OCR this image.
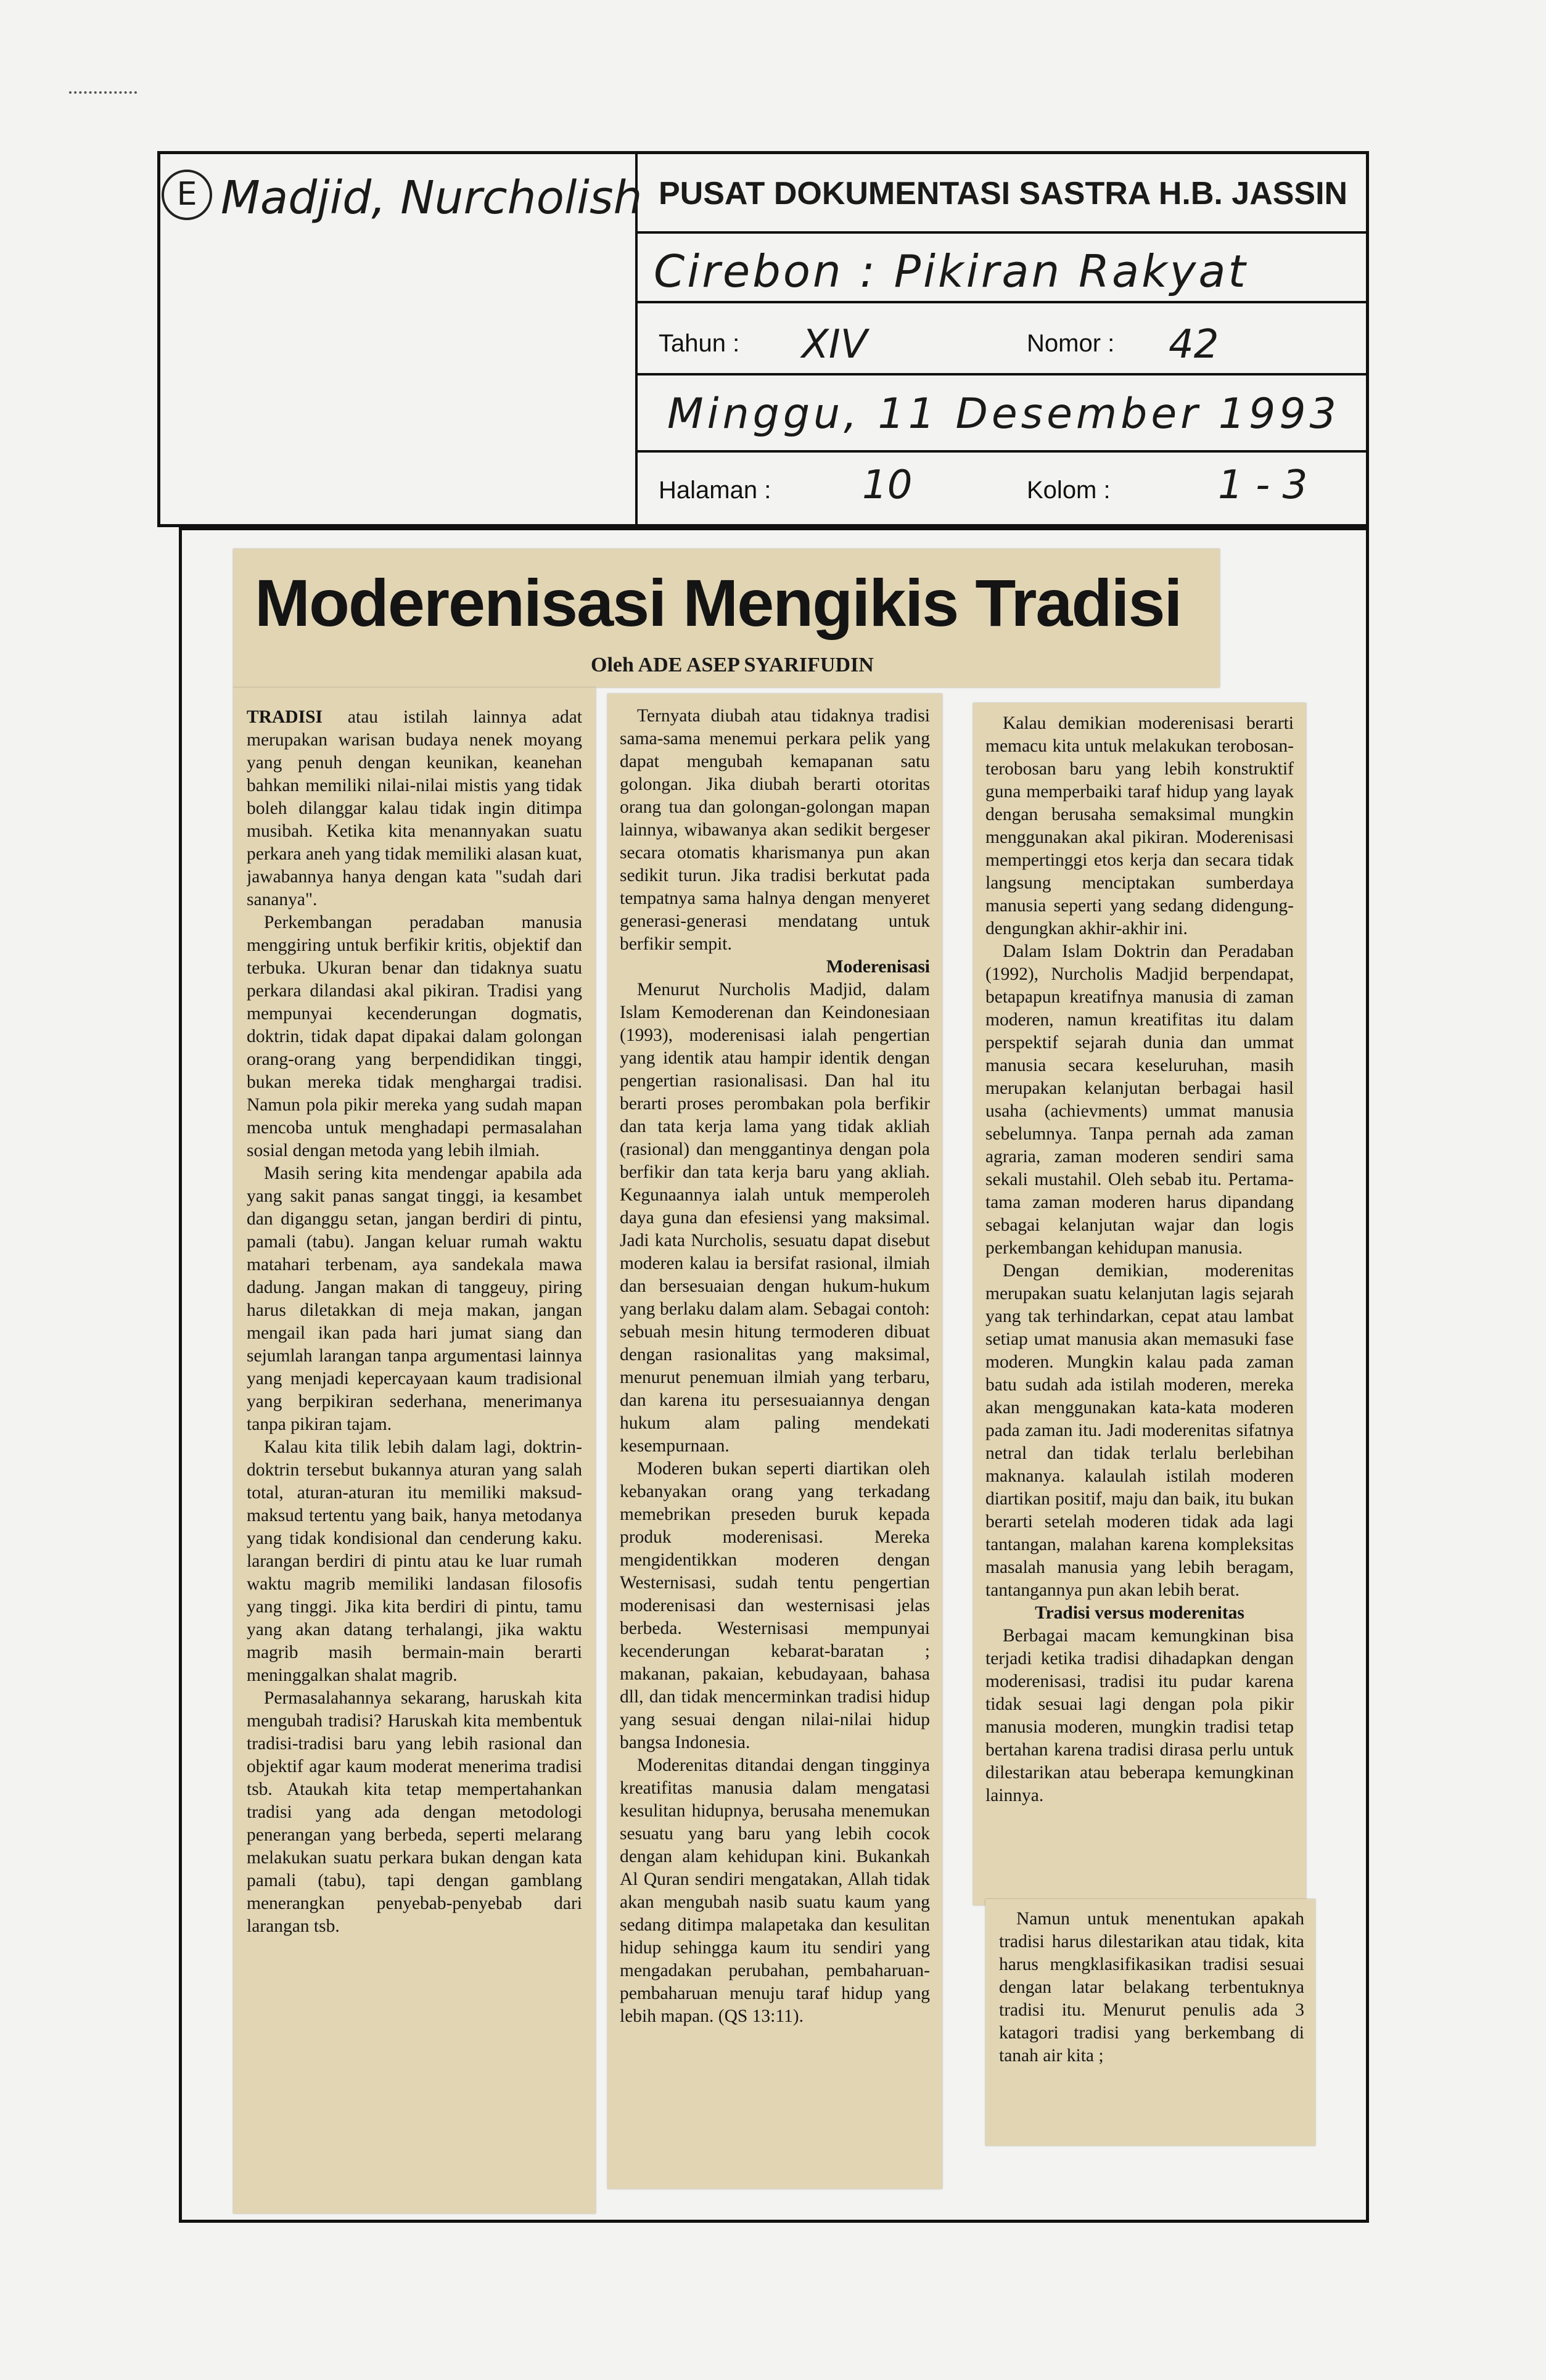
E Madjid, Nurcholish PUSAT DOKUMENTASI SASTRA H.B. JASSIN
Cirebon : Pikiran Rakyat
Tahun : XIV	Nomor : 42
Minggu, 11 Desember 1993
Halaman : 10	Kolom :	1 - 3
Moderenisasi Mengikis Tradisi
Oleh ADE ASEP SYARIFUDIN

TRADISI atau istilah lainnya adat merupakan warisan budaya nenek moyang yang penuh dengan keunikan, keanehan bahkan memiliki nilai-nilai mistis yang tidak boleh dilanggar kalau tidak ingin ditimpa musibah. Ketika kita menannyakan suatu perkara aneh yang tidak memiliki alasan kuat, jawabannya hanya dengan kata "sudah dari sananya".

Perkembangan peradaban manusia menggiring untuk berfikir kritis, objektif dan terbuka. Ukuran benar dan tidaknya suatu perkara dilandasi akal pikiran. Tradisi yang mempunyai kecenderungan dogmatis, doktrin, tidak dapat dipakai dalam golongan orang-orang yang berpendidikan tinggi, bukan mereka tidak menghargai tradisi. Namun pola pikir mereka yang sudah mapan mencoba untuk menghadapi permasalahan sosial dengan metoda yang lebih ilmiah.

Masih sering kita mendengar apabila ada yang sakit panas sangat tinggi, ia kesambet dan diganggu setan, jangan berdiri di pintu, pamali (tabu). Jangan keluar rumah waktu matahari terbenam, aya sandekala mawa dadung. Jangan makan di tanggeuy, piring harus diletakkan di meja makan, jangan mengail ikan pada hari jumat siang dan sejumlah larangan tanpa argumentasi lainnya yang menjadi kepercayaan kaum tradisional yang berpikiran sederhana, menerimanya tanpa pikiran tajam.

Kalau kita tilik lebih dalam lagi, doktrin-doktrin tersebut bukannya aturan yang salah total, aturan-aturan itu memiliki maksud-maksud tertentu yang baik, hanya metodanya yang tidak kondisional dan cenderung kaku. larangan berdiri di pintu atau ke luar rumah waktu magrib memiliki landasan filosofis yang tinggi. Jika kita berdiri di pintu, tamu yang akan datang terhalangi, jika waktu magrib masih bermain-main berarti meninggalkan shalat magrib.

Permasalahannya sekarang, haruskah kita mengubah tradisi? Haruskah kita membentuk tradisi-tradisi baru yang lebih rasional dan objektif agar kaum moderat menerima tradisi tsb. Ataukah kita tetap mempertahankan tradisi yang ada dengan metodologi penerangan yang berbeda, seperti melarang melakukan suatu perkara bukan dengan kata pamali (tabu), tapi dengan gamblang menerangkan penyebab-penyebab dari larangan tsb.

Ternyata diubah atau tidaknya tradisi sama-sama menemui perkara pelik yang dapat mengubah kemapanan satu golongan. Jika diubah berarti otoritas orang tua dan golongan-golongan mapan lainnya, wibawanya akan sedikit bergeser secara otomatis kharismanya pun akan sedikit turun. Jika tradisi berkutat pada tempatnya sama halnya dengan menyeret generasi-generasi mendatang untuk berfikir sempit.

Moderenisasi

Menurut Nurcholis Madjid, dalam Islam Kemoderenan dan Keindonesiaan (1993), moderenisasi ialah pengertian yang identik atau hampir identik dengan pengertian rasionalisasi. Dan hal itu berarti proses perombakan pola berfikir dan tata kerja lama yang tidak akliah (rasional) dan menggantinya dengan pola berfikir dan tata kerja baru yang akliah. Kegunaannya ialah untuk memperoleh daya guna dan efesiensi yang maksimal. Jadi kata Nurcholis, sesuatu dapat disebut moderen kalau ia bersifat rasional, ilmiah dan bersesuaian dengan hukum-hukum yang berlaku dalam alam. Sebagai contoh: sebuah mesin hitung termoderen dibuat dengan rasionalitas yang maksimal, menurut penemuan ilmiah yang terbaru, dan karena itu persesuaiannya dengan hukum alam paling mendekati kesempurnaan.

Moderen bukan seperti diartikan oleh kebanyakan orang yang terkadang memebrikan preseden buruk kepada produk moderenisasi. Mereka mengidentikkan moderen dengan Westernisasi, sudah tentu pengertian moderenisasi dan westernisasi jelas berbeda. Westernisasi mempunyai kecenderungan kebarat-baratan ; makanan, pakaian, kebudayaan, bahasa dll, dan tidak mencerminkan tradisi hidup yang sesuai dengan nilai-nilai hidup bangsa Indonesia.

Moderenitas ditandai dengan tingginya kreatifitas manusia dalam mengatasi kesulitan hidupnya, berusaha menemukan sesuatu yang baru yang lebih cocok dengan alam kehidupan kini. Bukankah Al Quran sendiri mengatakan, Allah tidak akan mengubah nasib suatu kaum yang sedang ditimpa malapetaka dan kesulitan hidup sehingga kaum itu sendiri yang mengadakan perubahan, pembaharuan-pembaharuan menuju taraf hidup yang lebih mapan. (QS 13:11).

Kalau demikian moderenisasi berarti memacu kita untuk melakukan terobosan-terobosan baru yang lebih konstruktif guna memperbaiki taraf hidup yang layak dengan berusaha semaksimal mungkin menggunakan akal pikiran. Moderenisasi mempertinggi etos kerja dan secara tidak langsung menciptakan sumberdaya manusia seperti yang sedang didengung-dengungkan akhir-akhir ini.

Dalam Islam Doktrin dan Peradaban (1992), Nurcholis Madjid berpendapat, betapapun kreatifnya manusia di zaman moderen, namun kreatifitas itu dalam perspektif sejarah dunia dan ummat manusia secara keseluruhan, masih merupakan kelanjutan berbagai hasil usaha (achievments) ummat manusia sebelumnya. Tanpa pernah ada zaman agraria, zaman moderen sendiri sama sekali mustahil. Oleh sebab itu. Pertama-tama zaman moderen harus dipandang sebagai kelanjutan wajar dan logis perkembangan kehidupan manusia.

Dengan demikian, moderenitas merupakan suatu kelanjutan lagis sejarah yang tak terhindarkan, cepat atau lambat setiap umat manusia akan memasuki fase moderen. Mungkin kalau pada zaman batu sudah ada istilah moderen, mereka akan menggunakan kata-kata moderen pada zaman itu. Jadi moderenitas sifatnya netral dan tidak terlalu berlebihan maknanya. kalaulah istilah moderen diartikan positif, maju dan baik, itu bukan berarti setelah moderen tidak ada lagi tantangan, malahan karena kompleksitas masalah manusia yang lebih beragam, tantangannya pun akan lebih berat.

Tradisi versus moderenitas

Berbagai macam kemungkinan bisa terjadi ketika tradisi dihadapkan dengan moderenisasi, tradisi itu pudar karena tidak sesuai lagi dengan pola pikir manusia moderen, mungkin tradisi tetap bertahan karena tradisi dirasa perlu untuk dilestarikan atau beberapa kemungkinan lainnya.

Namun untuk menentukan apakah tradisi harus dilestarikan atau tidak, kita harus mengklasifikasikan tradisi sesuai dengan latar belakang terbentuknya tradisi itu. Menurut penulis ada 3 katagori tradisi yang berkembang di tanah air kita ;
